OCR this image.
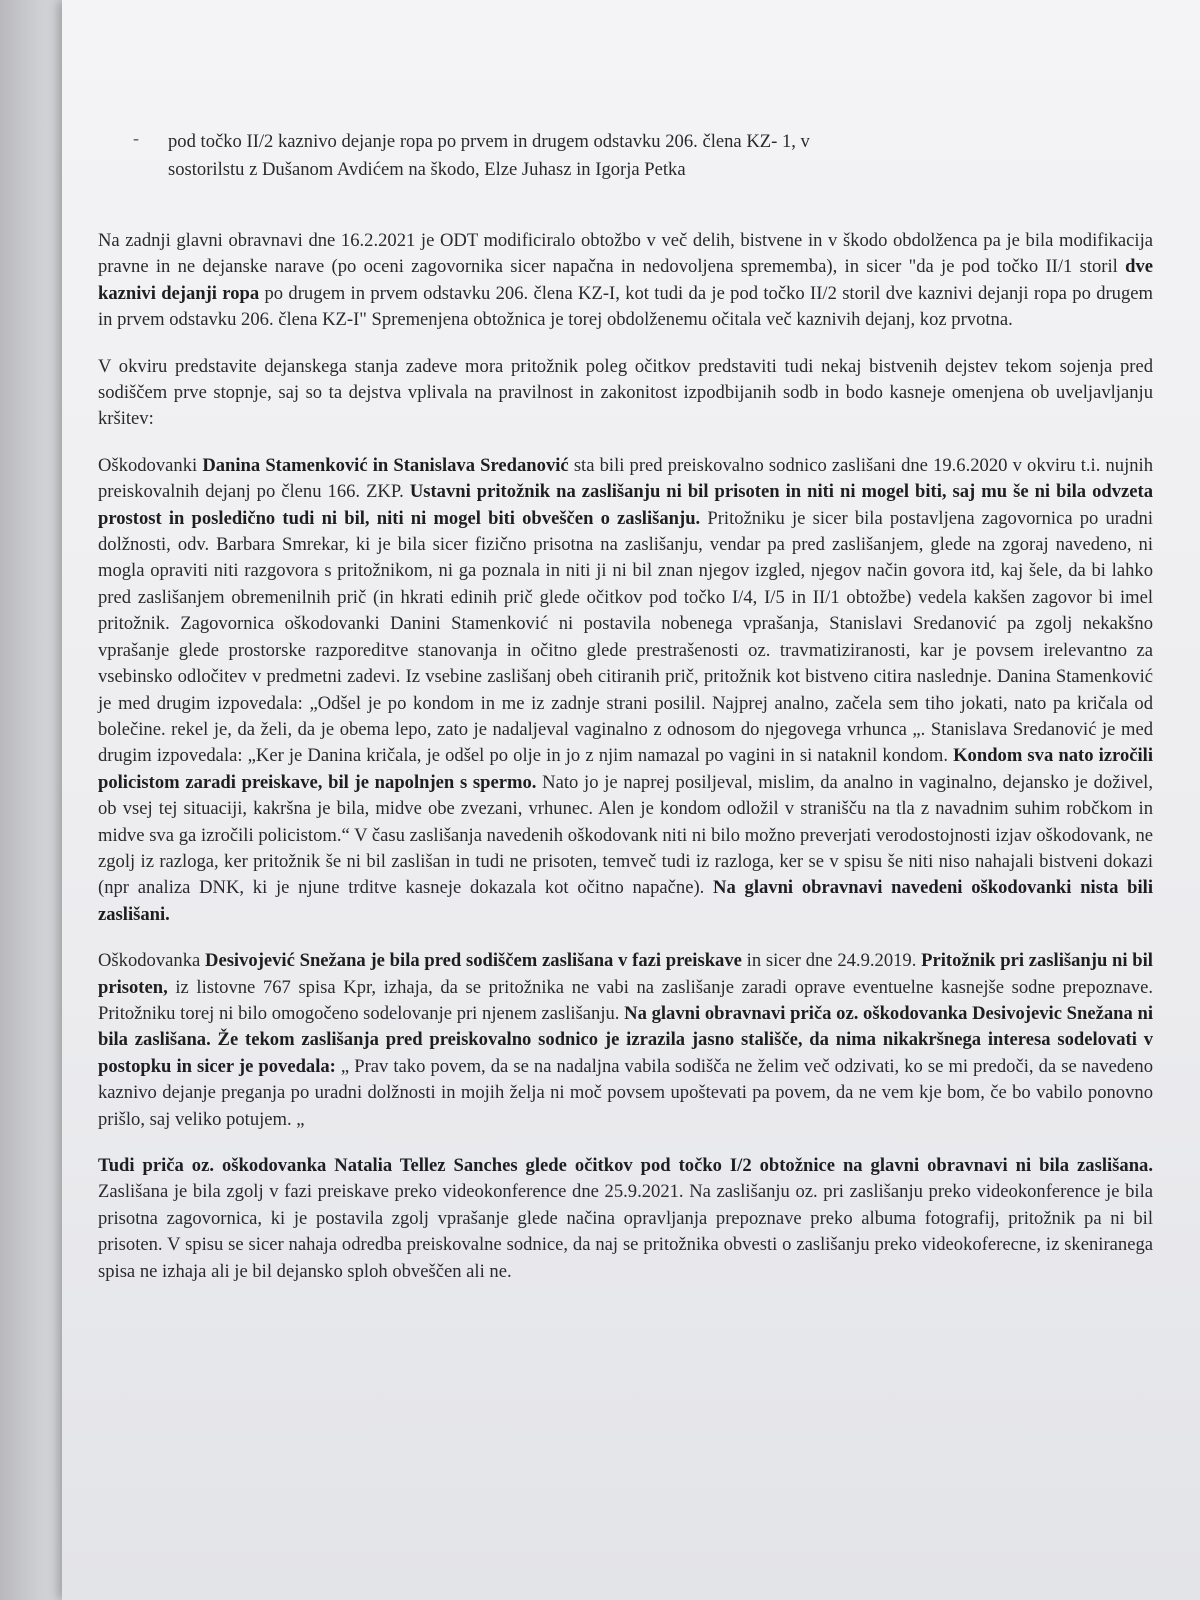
- pod točko II/2 kaznivo dejanje ropa po prvem in drugem odstavku 206. člena KZ- 1, v
sostorilstu z Dušanom Avdićem na škodo, Elze Juhasz in Igorja Petka

Na zadnji glavni obravnavi dne 16.2.2021 je ODT modificiralo obtožbo v več delih, bistvene in v škodo obdolženca pa je bila modifikacija pravne in ne dejanske narave (po oceni zagovornika sicer napačna in nedovoljena sprememba), in sicer "da je pod točko II/1 storil dve kaznivi dejanji ropa po drugem in prvem odstavku 206. člena KZ-I, kot tudi da je pod točko II/2 storil dve kaznivi dejanji ropa po drugem in prvem odstavku 206. člena KZ-I" Spremenjena obtožnica je torej obdolženemu očitala več kaznivih dejanj, koz prvotna.

V okviru predstavite dejanskega stanja zadeve mora pritožnik poleg očitkov predstaviti tudi nekaj bistvenih dejstev tekom sojenja pred sodiščem prve stopnje, saj so ta dejstva vplivala na pravilnost in zakonitost izpodbijanih sodb in bodo kasneje omenjena ob uveljavljanju kršitev:

Oškodovanki Danina Stamenković in Stanislava Sredanović sta bili pred preiskovalno sodnico zaslišani dne 19.6.2020 v okviru t.i. nujnih preiskovalnih dejanj po členu 166. ZKP. Ustavni pritožnik na zaslišanju ni bil prisoten in niti ni mogel biti, saj mu še ni bila odvzeta prostost in posledično tudi ni bil, niti ni mogel biti obveščen o zaslišanju. Pritožniku je sicer bila postavljena zagovornica po uradni dolžnosti, odv. Barbara Smrekar, ki je bila sicer fizično prisotna na zaslišanju, vendar pa pred zaslišanjem, glede na zgoraj navedeno, ni mogla opraviti niti razgovora s pritožnikom, ni ga poznala in niti ji ni bil znan njegov izgled, njegov način govora itd, kaj šele, da bi lahko pred zaslišanjem obremenilnih prič (in hkrati edinih prič glede očitkov pod točko I/4, I/5 in II/1 obtožbe) vedela kakšen zagovor bi imel pritožnik. Zagovornica oškodovanki Danini Stamenković ni postavila nobenega vprašanja, Stanislavi Sredanović pa zgolj nekakšno vprašanje glede prostorske razporeditve stanovanja in očitno glede prestrašenosti oz. travmatiziranosti, kar je povsem irelevantno za vsebinsko odločitev v predmetni zadevi. Iz vsebine zaslišanj obeh citiranih prič, pritožnik kot bistveno citira naslednje. Danina Stamenković je med drugim izpovedala: „Odšel je po kondom in me iz zadnje strani posilil. Najprej analno, začela sem tiho jokati, nato pa kričala od bolečine. rekel je, da želi, da je obema lepo, zato je nadaljeval vaginalno z odnosom do njegovega vrhunca „. Stanislava Sredanović je med drugim izpovedala: „Ker je Danina kričala, je odšel po olje in jo z njim namazal po vagini in si nataknil kondom. Kondom sva nato izročili policistom zaradi preiskave, bil je napolnjen s spermo. Nato jo je naprej posiljeval, mislim, da analno in vaginalno, dejansko je doživel, ob vsej tej situaciji, kakršna je bila, midve obe zvezani, vrhunec. Alen je kondom odložil v stranišču na tla z navadnim suhim robčkom in midve sva ga izročili policistom.“ V času zaslišanja navedenih oškodovank niti ni bilo možno preverjati verodostojnosti izjav oškodovank, ne zgolj iz razloga, ker pritožnik še ni bil zaslišan in tudi ne prisoten, temveč tudi iz razloga, ker se v spisu še niti niso nahajali bistveni dokazi (npr analiza DNK, ki je njune trditve kasneje dokazala kot očitno napačne). Na glavni obravnavi navedeni oškodovanki nista bili zaslišani.

Oškodovanka Desivojević Snežana je bila pred sodiščem zaslišana v fazi preiskave in sicer dne 24.9.2019. Pritožnik pri zaslišanju ni bil prisoten, iz listovne 767 spisa Kpr, izhaja, da se pritožnika ne vabi na zaslišanje zaradi oprave eventuelne kasnejše sodne prepoznave. Pritožniku torej ni bilo omogočeno sodelovanje pri njenem zaslišanju. Na glavni obravnavi priča oz. oškodovanka Desivojevic Snežana ni bila zaslišana. Že tekom zaslišanja pred preiskovalno sodnico je izrazila jasno stališče, da nima nikakršnega interesa sodelovati v postopku in sicer je povedala: „ Prav tako povem, da se na nadaljna vabila sodišča ne želim več odzivati, ko se mi predoči, da se navedeno kaznivo dejanje preganja po uradni dolžnosti in mojih želja ni moč povsem upoštevati pa povem, da ne vem kje bom, če bo vabilo ponovno prišlo, saj veliko potujem. „

Tudi priča oz. oškodovanka Natalia Tellez Sanches glede očitkov pod točko I/2 obtožnice na glavni obravnavi ni bila zaslišana. Zaslišana je bila zgolj v fazi preiskave preko videokonference dne 25.9.2021. Na zaslišanju oz. pri zaslišanju preko videokonference je bila prisotna zagovornica, ki je postavila zgolj vprašanje glede načina opravljanja prepoznave preko albuma fotografij, pritožnik pa ni bil prisoten. V spisu se sicer nahaja odredba preiskovalne sodnice, da naj se pritožnika obvesti o zaslišanju preko videokoferecne, iz skeniranega spisa ne izhaja ali je bil dejansko sploh obveščen ali ne.
